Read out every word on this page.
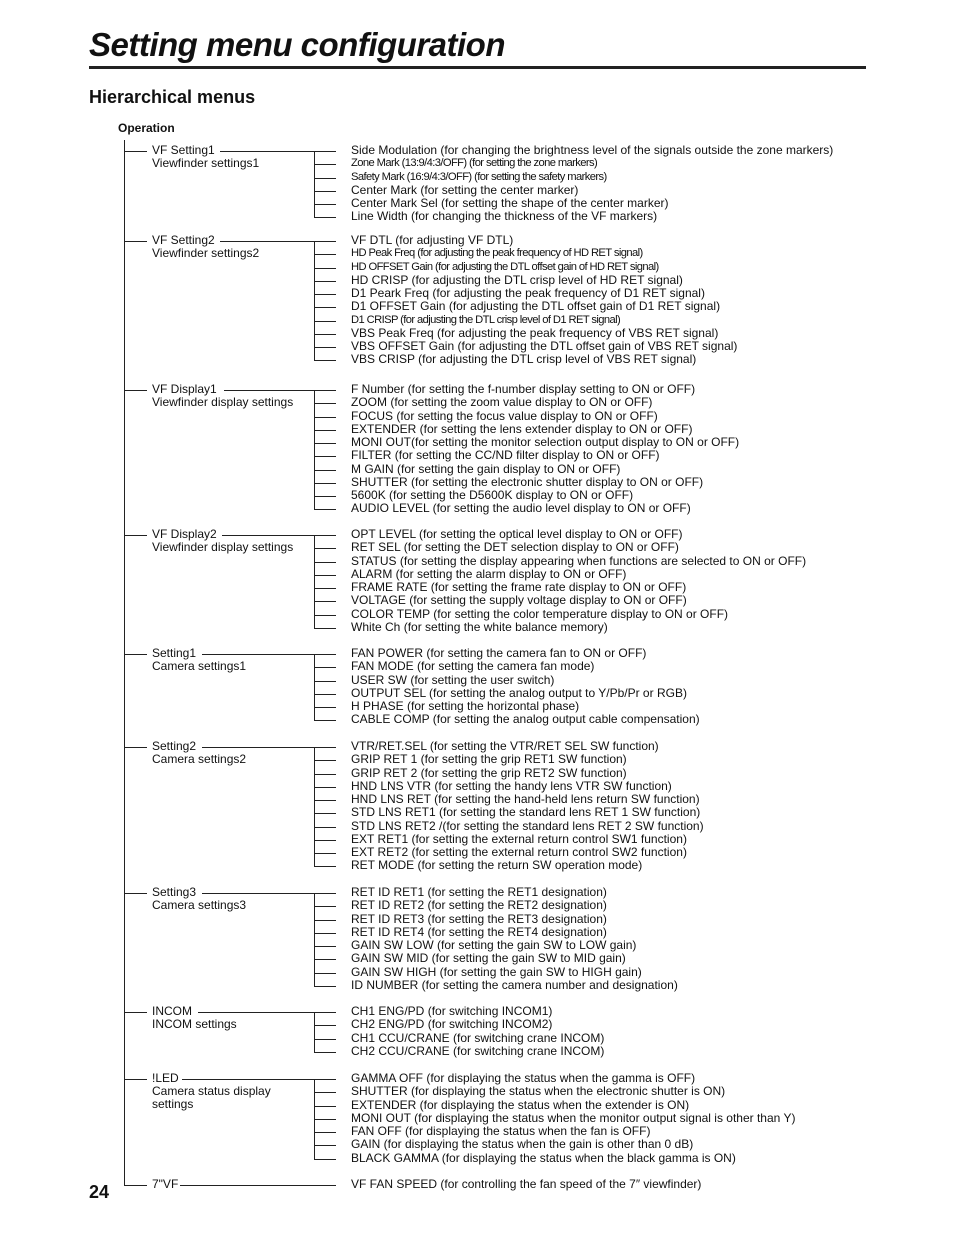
Setting menu configuration
Hierarchical menus
Operation
VF Setting1
Viewfinder settings1
Side Modulation (for changing the brightness level of the signals outside the zone markers)
Zone Mark (13:9/4:3/OFF) (for setting the zone markers)
Safety Mark (16:9/4:3/OFF) (for setting the safety markers)
Center Mark (for setting the center marker)
Center Mark Sel (for setting the shape of the center marker)
Line Width (for changing the thickness of the VF markers)
VF Setting2
Viewfinder settings2
VF DTL (for adjusting VF DTL)
HD Peak Freq (for adjusting the peak frequency of HD RET signal)
HD OFFSET Gain (for adjusting the DTL offset gain of HD RET signal)
HD CRISP (for adjusting the DTL crisp level of HD RET signal)
D1 Peark Freq (for adjusting the peak frequency of D1 RET signal)
D1 OFFSET Gain (for adjusting the DTL offset gain of D1 RET signal)
D1 CRISP (for adjusting the DTL crisp level of D1 RET signal)
VBS Peak Freq (for adjusting the peak frequency of VBS RET signal)
VBS OFFSET Gain (for adjusting the DTL offset gain of VBS RET signal)
VBS CRISP (for adjusting the DTL crisp level of VBS RET signal)
VF Display1
Viewfinder display settings
F Number (for setting the f-number display setting to ON or OFF)
ZOOM (for setting the zoom value display to ON or OFF)
FOCUS (for setting the focus value display to ON or OFF)
EXTENDER (for setting the lens extender display to ON or OFF)
MONI OUT(for setting the monitor selection output display to ON or OFF)
FILTER (for setting the CC/ND filter display to ON or OFF)
M GAIN (for setting the gain display to ON or OFF)
SHUTTER (for setting the electronic shutter display to ON or OFF)
5600K (for setting the D5600K display to ON or OFF)
AUDIO LEVEL (for setting the audio level display to ON or OFF)
VF Display2
Viewfinder display settings
OPT LEVEL (for setting the optical level display to ON or OFF)
RET SEL (for setting the DET selection display to ON or OFF)
STATUS (for setting the display appearing when functions are selected to ON or OFF)
ALARM (for setting the alarm display to ON or OFF)
FRAME RATE (for setting the frame rate display to ON or OFF)
VOLTAGE (for setting the supply voltage display to ON or OFF)
COLOR TEMP (for setting the color temperature display to ON or OFF)
White Ch (for setting the white balance memory)
Setting1
Camera settings1
FAN POWER (for setting the camera fan to ON or OFF)
FAN MODE (for setting the camera fan mode)
USER SW (for setting the user switch)
OUTPUT SEL (for setting the analog output to Y/Pb/Pr or RGB)
H PHASE (for setting the horizontal phase)
CABLE COMP (for setting the analog output cable compensation)
Setting2
Camera settings2
VTR/RET.SEL (for setting the VTR/RET SEL SW function)
GRIP RET 1 (for setting the grip RET1 SW function)
GRIP RET 2 (for setting the grip RET2 SW function)
HND LNS VTR (for setting the handy lens VTR SW function)
HND LNS RET (for setting the hand-held lens return SW function)
STD LNS RET1 (for setting the standard lens RET 1 SW function)
STD LNS RET2 /(for setting the standard lens RET 2 SW function)
EXT RET1 (for setting the external return control SW1 function)
EXT RET2 (for setting the external return control SW2 function)
RET MODE (for setting the return SW operation mode)
Setting3
Camera settings3
RET ID RET1 (for setting the RET1 designation)
RET ID RET2 (for setting the RET2 designation)
RET ID RET3 (for setting the RET3 designation)
RET ID RET4 (for setting the RET4 designation)
GAIN SW LOW (for setting the gain SW to LOW gain)
GAIN SW MID (for setting the gain SW to MID gain)
GAIN SW HIGH (for setting the gain SW to HIGH gain)
ID NUMBER (for setting the camera number and designation)
INCOM
INCOM settings
CH1 ENG/PD (for switching INCOM1)
CH2 ENG/PD (for switching INCOM2)
CH1 CCU/CRANE (for switching crane INCOM)
CH2 CCU/CRANE (for switching crane INCOM)
!LED
Camera status display settings
GAMMA OFF (for displaying the status when the gamma is OFF)
SHUTTER (for displaying the status when the electronic shutter is ON)
EXTENDER (for displaying the status when the extender is ON)
MONI OUT (for displaying the status when the monitor output signal is other than Y)
FAN OFF (for displaying the status when the fan is OFF)
GAIN (for displaying the status when the gain is other than 0 dB)
BLACK GAMMA (for displaying the status when the black gamma is ON)
7"VF	VF FAN SPEED (for controlling the fan speed of the 7″ viewfinder)
24
